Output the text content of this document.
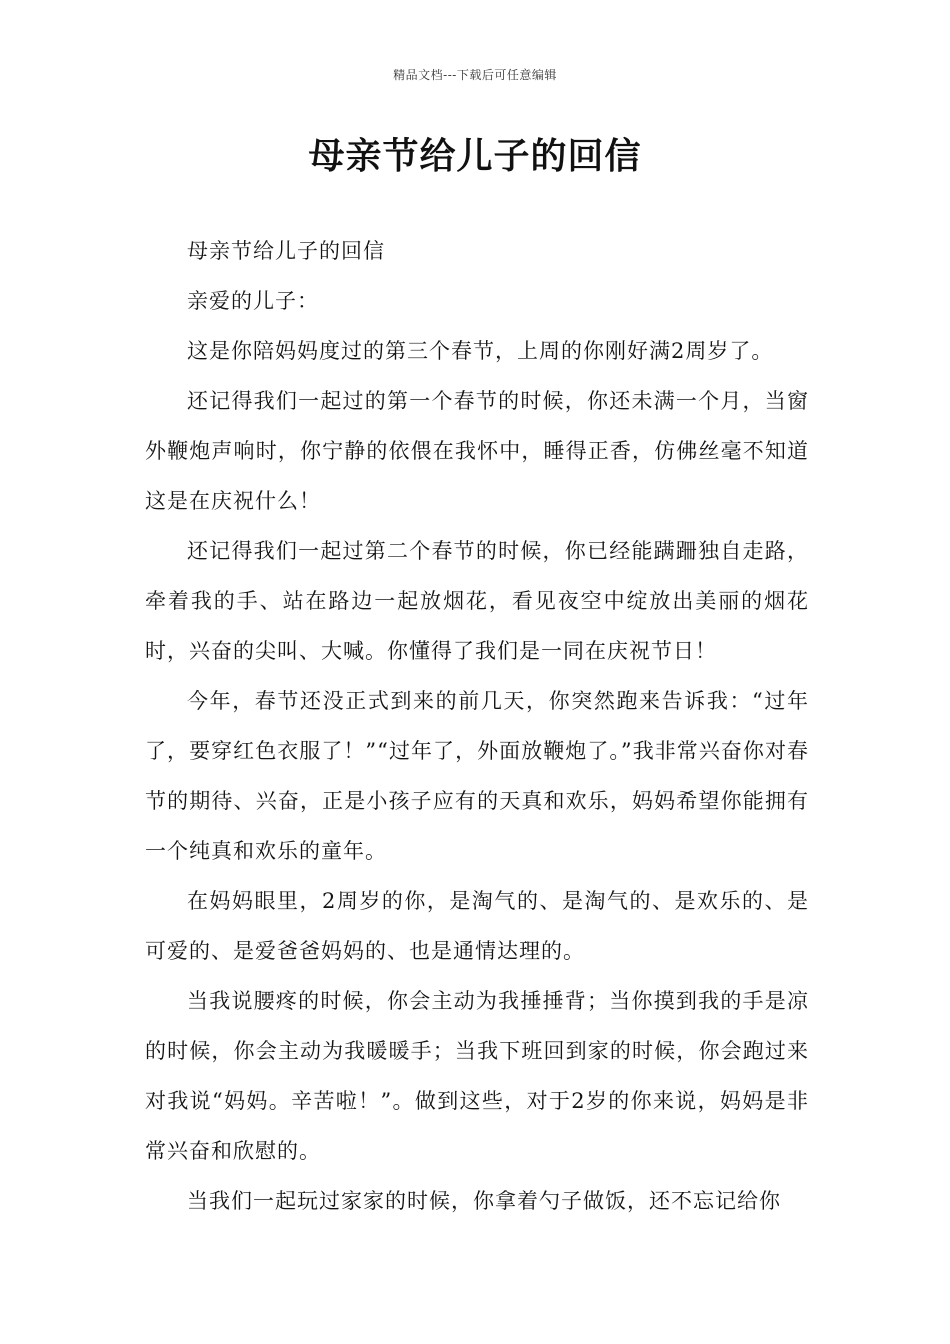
精品文档---下载后可任意编辑
母亲节给儿子的回信

母亲节给儿子的回信

亲爱的儿子：

这是你陪妈妈度过的第三个春节，上周的你刚好满2周岁了。

还记得我们一起过的第一个春节的时候，你还未满一个月，当窗外鞭炮声响时，你宁静的依偎在我怀中，睡得正香，仿佛丝毫不知道这是在庆祝什么！

还记得我们一起过第二个春节的时候，你已经能蹒跚独自走路，牵着我的手、站在路边一起放烟花，看见夜空中绽放出美丽的烟花时，兴奋的尖叫、大喊。你懂得了我们是一同在庆祝节日！

今年，春节还没正式到来的前几天，你突然跑来告诉我：“过年了，要穿红色衣服了！”“过年了，外面放鞭炮了。”我非常兴奋你对春节的期待、兴奋，正是小孩子应有的天真和欢乐，妈妈希望你能拥有一个纯真和欢乐的童年。

在妈妈眼里，2周岁的你，是淘气的、是淘气的、是欢乐的、是可爱的、是爱爸爸妈妈的、也是通情达理的。

当我说腰疼的时候，你会主动为我捶捶背；当你摸到我的手是凉的时候，你会主动为我暖暖手；当我下班回到家的时候，你会跑过来对我说“妈妈。辛苦啦！”。做到这些，对于2岁的你来说，妈妈是非常兴奋和欣慰的。

当我们一起玩过家家的时候，你拿着勺子做饭，还不忘记给你
